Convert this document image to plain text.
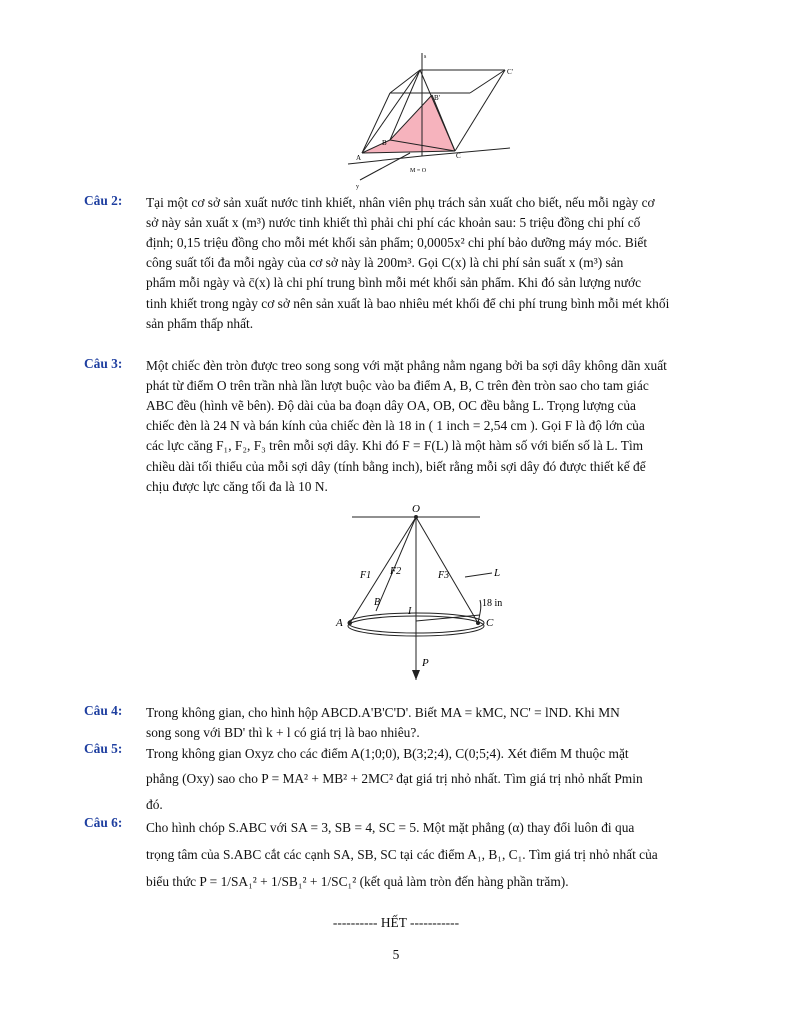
s
C'
B'
B
A	C
M = O
y
Câu 2:	Tại một cơ sở sản xuất nước tinh khiết, nhân viên phụ trách sản xuất cho biết, nếu mỗi ngày cơ
sở này sản xuất x (m³) nước tinh khiết thì phải chi phí các khoản sau: 5 triệu đồng chi phí cố
định; 0,15 triệu đồng cho mỗi mét khối sản phẩm; 0,0005x² chi phí bảo dưỡng máy móc. Biết
công suất tối đa mỗi ngày của cơ sở này là 200m³. Gọi C(x) là chi phí sản suất x (m³) sản
phẩm mỗi ngày và c̄(x) là chi phí trung bình mỗi mét khối sản phẩm. Khi đó sản lượng nước
tinh khiết trong ngày cơ sở nên sản xuất là bao nhiêu mét khối để chi phí trung bình mỗi mét khối
sản phẩm thấp nhất.
Câu 3:	Một chiếc đèn tròn được treo song song với mặt phẳng nằm ngang bởi ba sợi dây không dãn xuất
phát từ điểm O trên trần nhà lần lượt buộc vào ba điểm A, B, C trên đèn tròn sao cho tam giác
ABC đều (hình vẽ bên). Độ dài của ba đoạn dây OA, OB, OC đều bằng L. Trọng lượng của
chiếc đèn là 24 N và bán kính của chiếc đèn là 18 in ( 1 inch = 2,54 cm ). Gọi F là độ lớn của
các lực căng F₁, F₂, F₃ trên mỗi sợi dây. Khi đó F = F(L) là một hàm số với biến số là L. Tìm
chiều dài tối thiểu của mỗi sợi dây (tính bằng inch), biết rằng mỗi sợi dây đó được thiết kế để
chịu được lực căng tối đa là 10 N.
O
F1 F2	F3	L
B
I
18 in
A	C
P
Câu 4:	Trong không gian, cho hình hộp ABCD.A'B'C'D'. Biết MA = kMC, NC' = lND. Khi MN
song song với BD' thì k + l có giá trị là bao nhiêu?.
Câu 5:	Trong không gian Oxyz cho các điểm A(1;0;0), B(3;2;4), C(0;5;4). Xét điểm M thuộc mặt
phẳng (Oxy) sao cho P = MA² + MB² + 2MC² đạt giá trị nhỏ nhất. Tìm giá trị nhỏ nhất Pmin
đó.
Câu 6:	Cho hình chóp S.ABC với SA = 3, SB = 4, SC = 5. Một mặt phẳng (α) thay đổi luôn đi qua
trọng tâm của S.ABC cắt các cạnh SA, SB, SC tại các điểm A₁, B₁, C₁. Tìm giá trị nhỏ nhất của
biểu thức P = 1/SA₁² + 1/SB₁² + 1/SC₁² (kết quả làm tròn đến hàng phần trăm).
---------- HẾT -----------
5
